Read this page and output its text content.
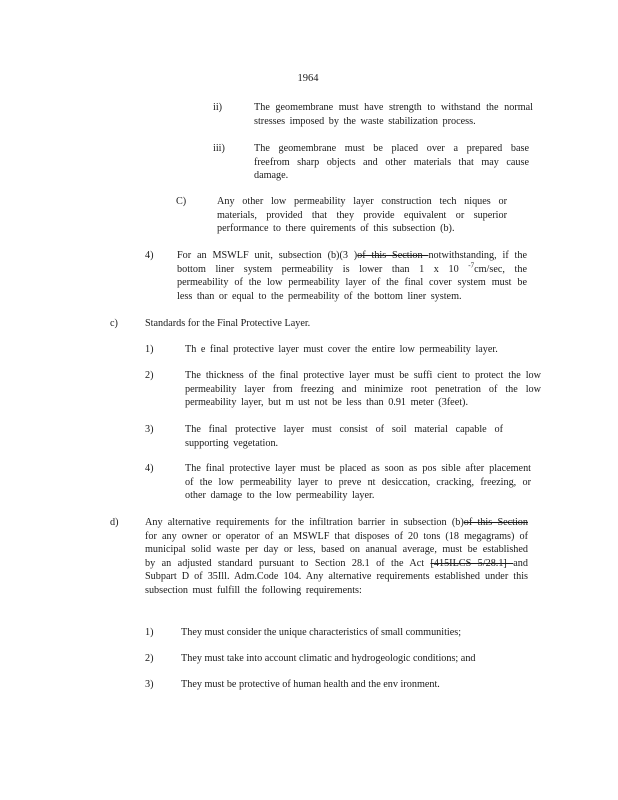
1964
ii)	The geomembrane must have strength to withstand the normal stresses imposed by the waste stabilization process.
iii)	The geomembrane must be placed over a prepared base freefrom sharp objects and other materials that may cause damage.
C)	Any other low permeability layer construction tech niques or materials, provided that they provide equivalent or superior performance to there quirements of this subsection (b).
4) For an MSWLF unit, subsection (b)(3 )of this Section notwithstanding, if the bottom liner system permeability is lower than 1 x 10 $^{-7}$cm/sec, the permeability of the low permeability layer of the final cover system must be less than or equal to the permeability of the bottom liner system.
c)	Standards for the Final Protective Layer.
1)	Th e final protective layer must cover the entire low permeability layer.
2)	The thickness of the final protective layer must be suffi cient to protect the low permeability layer from freezing and minimize root penetration of the low permeability layer, but m ust not be less than 0.91 meter (3feet).
3)	The final protective layer must consist of soil material capable of supporting vegetation.
4)	The final protective layer must be placed as soon as pos sible after placement of the low permeability layer to preve nt desiccation, cracking, freezing, or other damage to the low permeability layer.
d)	Any alternative requirements for the infiltration barrier in subsection (b)of this Section for any owner or operator of an MSWLF that disposes of 20 tons (18 megagrams) of municipal solid waste per day or less, based on ananual average, must be established by an adjusted standard pursuant to Section 28.1 of the Act [415ILCS 5/28.1] and Subpart D of 35Ill. Adm.Code 104. Any alternative requirements established under this subsection must fulfill the following requirements:
1)	They must consider the unique characteristics of small communities;
2)	They must take into account climatic and hydrogeologic conditions; and
3)	They must be protective of human health and the env ironment.
